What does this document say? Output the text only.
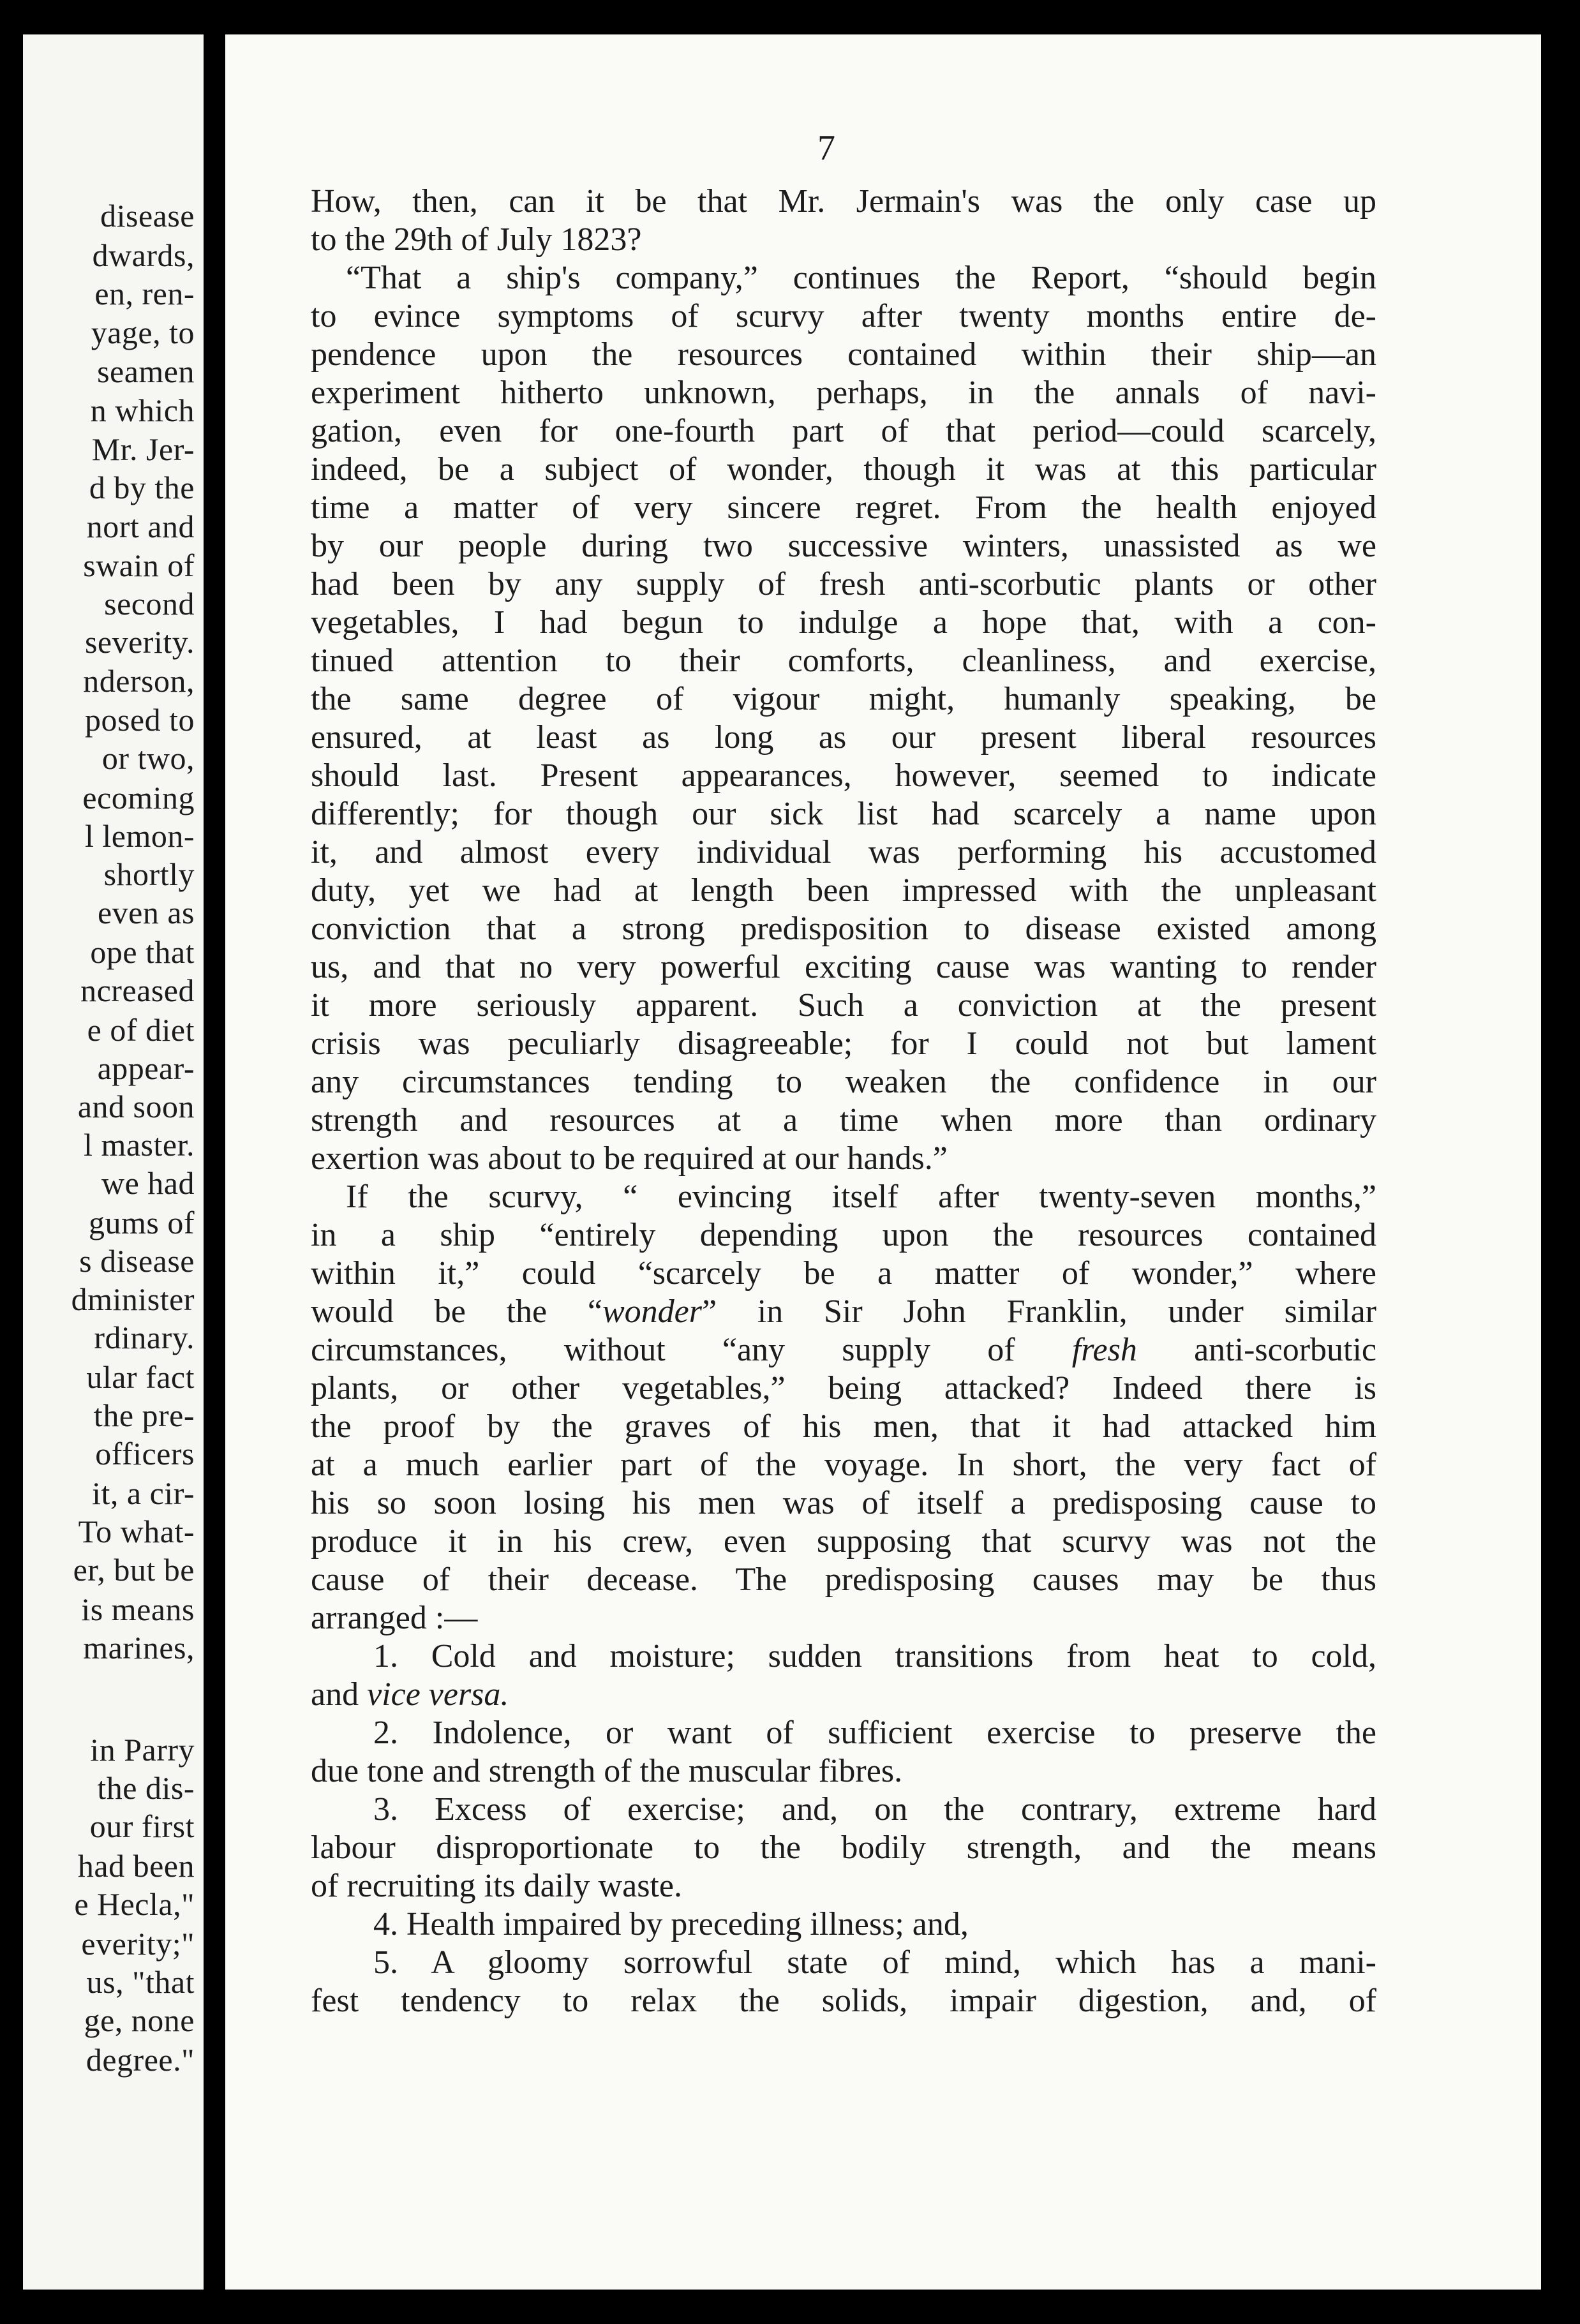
disease
dwards,
en, ren-
yage, to
seamen
n which
Mr. Jer-
d by the
nort and
swain of
second
severity.
nderson,
posed to
or two,
ecoming
l lemon-
shortly
even as
ope that
ncreased
e of diet
appear-
and soon
l master.
we had
gums of
s disease
dminister
rdinary.
ular fact
the pre-
officers
it, a cir-
To what-
er, but be
is means
marines,
in Parry
the dis-
our first
had been
e Hecla,"
everity;"
us, "that
ge, none
degree."
7
How, then, can it be that Mr. Jermain's was the only case up
to the 29th of July 1823?
“That a ship's company,” continues the Report, “should begin
to evince symptoms of scurvy after twenty months entire de-
pendence upon the resources contained within their ship—an
experiment hitherto unknown, perhaps, in the annals of navi-
gation, even for one-fourth part of that period—could scarcely,
indeed, be a subject of wonder, though it was at this particular
time a matter of very sincere regret. From the health enjoyed
by our people during two successive winters, unassisted as we
had been by any supply of fresh anti-scorbutic plants or other
vegetables, I had begun to indulge a hope that, with a con-
tinued attention to their comforts, cleanliness, and exercise,
the same degree of vigour might, humanly speaking, be
ensured, at least as long as our present liberal resources
should last. Present appearances, however, seemed to indicate
differently; for though our sick list had scarcely a name upon
it, and almost every individual was performing his accustomed
duty, yet we had at length been impressed with the unpleasant
conviction that a strong predisposition to disease existed among
us, and that no very powerful exciting cause was wanting to render
it more seriously apparent. Such a conviction at the present
crisis was peculiarly disagreeable; for I could not but lament
any circumstances tending to weaken the confidence in our
strength and resources at a time when more than ordinary
exertion was about to be required at our hands.”
If the scurvy, “ evincing itself after twenty-seven months,”
in a ship “entirely depending upon the resources contained
within it,” could “scarcely be a matter of wonder,” where
would be the “wonder” in Sir John Franklin, under similar
circumstances, without “any supply of fresh anti-scorbutic
plants, or other vegetables,” being attacked? Indeed there is
the proof by the graves of his men, that it had attacked him
at a much earlier part of the voyage. In short, the very fact of
his so soon losing his men was of itself a predisposing cause to
produce it in his crew, even supposing that scurvy was not the
cause of their decease. The predisposing causes may be thus
arranged :—
1. Cold and moisture; sudden transitions from heat to cold,
and vice versa.
2. Indolence, or want of sufficient exercise to preserve the
due tone and strength of the muscular fibres.
3. Excess of exercise; and, on the contrary, extreme hard
labour disproportionate to the bodily strength, and the means
of recruiting its daily waste.
4. Health impaired by preceding illness; and,
5. A gloomy sorrowful state of mind, which has a mani-
fest tendency to relax the solids, impair digestion, and, of
